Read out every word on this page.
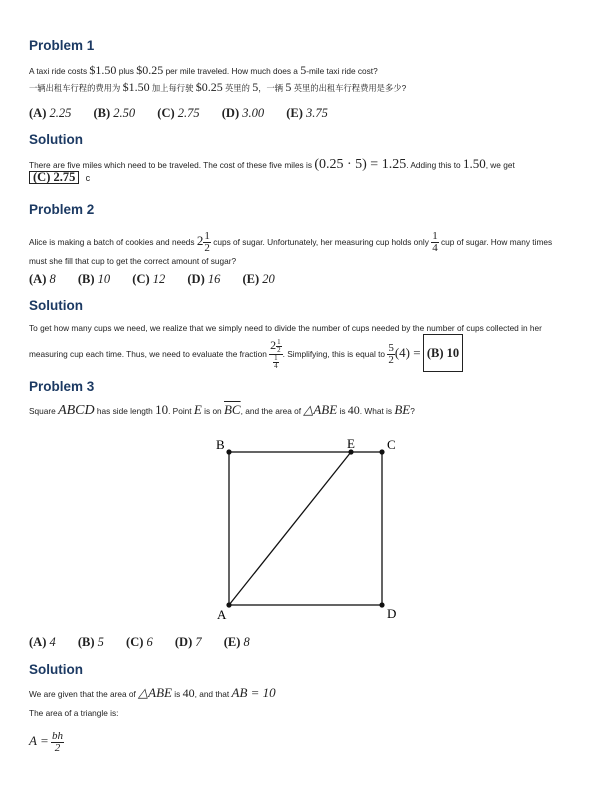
Problem 1
A taxi ride costs $1.50 plus $0.25 per mile traveled. How much does a 5-mile taxi ride cost?
一辆出租车行程的费用为 $1.50 加上每行驶 $0.25 英里的 5，一辆 5 英里的出租车行程费用是多少?
(A) 2.25 (B) 2.50 (C) 2.75 (D) 3.00 (E) 3.75
Solution
There are five miles which need to be traveled. The cost of these five miles is (0.25 · 5) = 1.25. Adding this to 1.50, we get
(C) 2.75 c
Problem 2
Alice is making a batch of cookies and needs $2 \frac{1}{2}$ cups of sugar. Unfortunately, her measuring cup holds only $\frac{1}{4}$ cup of sugar. How many times
must she fill that cup to get the correct amount of sugar?
(A) 8 (B) 10 (C) 12 (D) 16 (E) 20
Solution
To get how many cups we need, we realize that we simply need to divide the number of cups needed by the number of cups collected in her
measuring cup each time. Thus, we need to evaluate the fraction $\frac{2 \frac{1}{2}}{\frac{1}{4}}$ . Simplifying, this is equal to $\frac{5}{2} (4) = (B)$ 10
Problem 3
Square ABCD has side length 10. Point E is on $\overline{BC}$, and the area of △ABE is 40. What is BE?
B	E C
A	D
(A) 4 (B) 5 (C) 6 (D) 7 (E) 8
Solution
We are given that the area of △ABE is 40, and that AB = 10
The area of a triangle is:
$A = \frac{bh}{2}$
